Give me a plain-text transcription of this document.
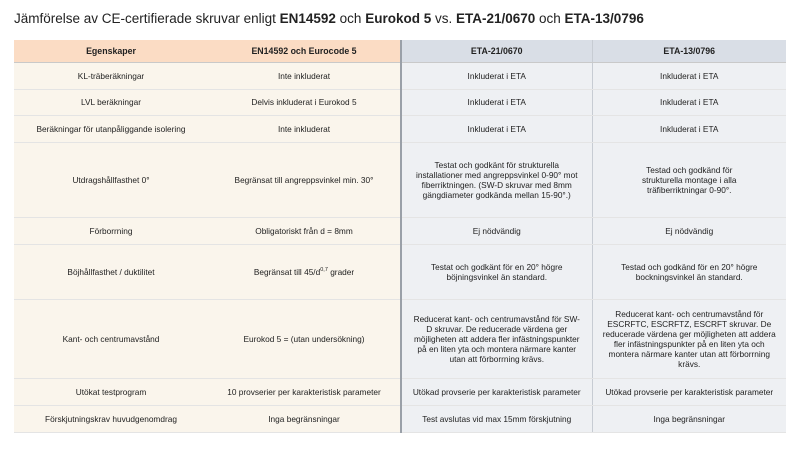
Jämförelse av CE-certifierade skruvar enligt EN14592 och Eurokod 5 vs. ETA-21/0670 och ETA-13/0796
Egenskaper	EN14592 och Eurocode 5	ETA-21/0670	ETA-13/0796
KL-träberäkningar	Inte inkluderat	Inkluderat i ETA	Inkluderat i ETA
LVL beräkningar	Delvis inkluderat i Eurokod 5	Inkluderat i ETA	Inkluderat i ETA
Beräkningar för utanpåliggande isolering	Inte inkluderat	Inkluderat i ETA	Inkluderat i ETA
Utdragshållfasthet 0°	Begränsat till angreppsvinkel min. 30°	Testat och godkänt för strukturella installationer med angreppsvinkel 0-90° mot fiberriktningen. (SW-D skruvar med 8mm gängdiameter godkända mellan 15-90°.)	Testad och godkänd för strukturella montage i alla träfiberriktningar 0-90°.
Förborrning	Obligatoriskt från d = 8mm	Ej nödvändig	Ej nödvändig
Böjhållfasthet / duktilitet	Begränsat till $45/d^{0,7}$ grader	Testat och godkänt för en 20° högre böjningsvinkel än standard.	Testad och godkänd för en 20° högre bockningsvinkel än standard.
Kant- och centrumavstånd	Eurokod 5 = (utan undersökning)	Reducerat kant- och centrumavstånd för SW-D skruvar. De reducerade värdena ger möjligheten att addera fler infästningspunkter på en liten yta och montera närmare kanter utan att förborrning krävs.	Reducerat kant- och centrumavstånd för ESCRFTC, ESCRFTZ, ESCRFT skruvar. De reducerade värdena ger möjligheten att addera fler infästningspunkter på en liten yta och montera närmare kanter utan att förborrning krävs.
Utökat testprogram	10 provserier per karakteristisk parameter	Utökad provserie per karakteristisk parameter	Utökad provserie per karakteristisk parameter
Förskjutningskrav huvudgenomdrag	Inga begränsningar	Test avslutas vid max 15mm förskjutning	Inga begränsningar
